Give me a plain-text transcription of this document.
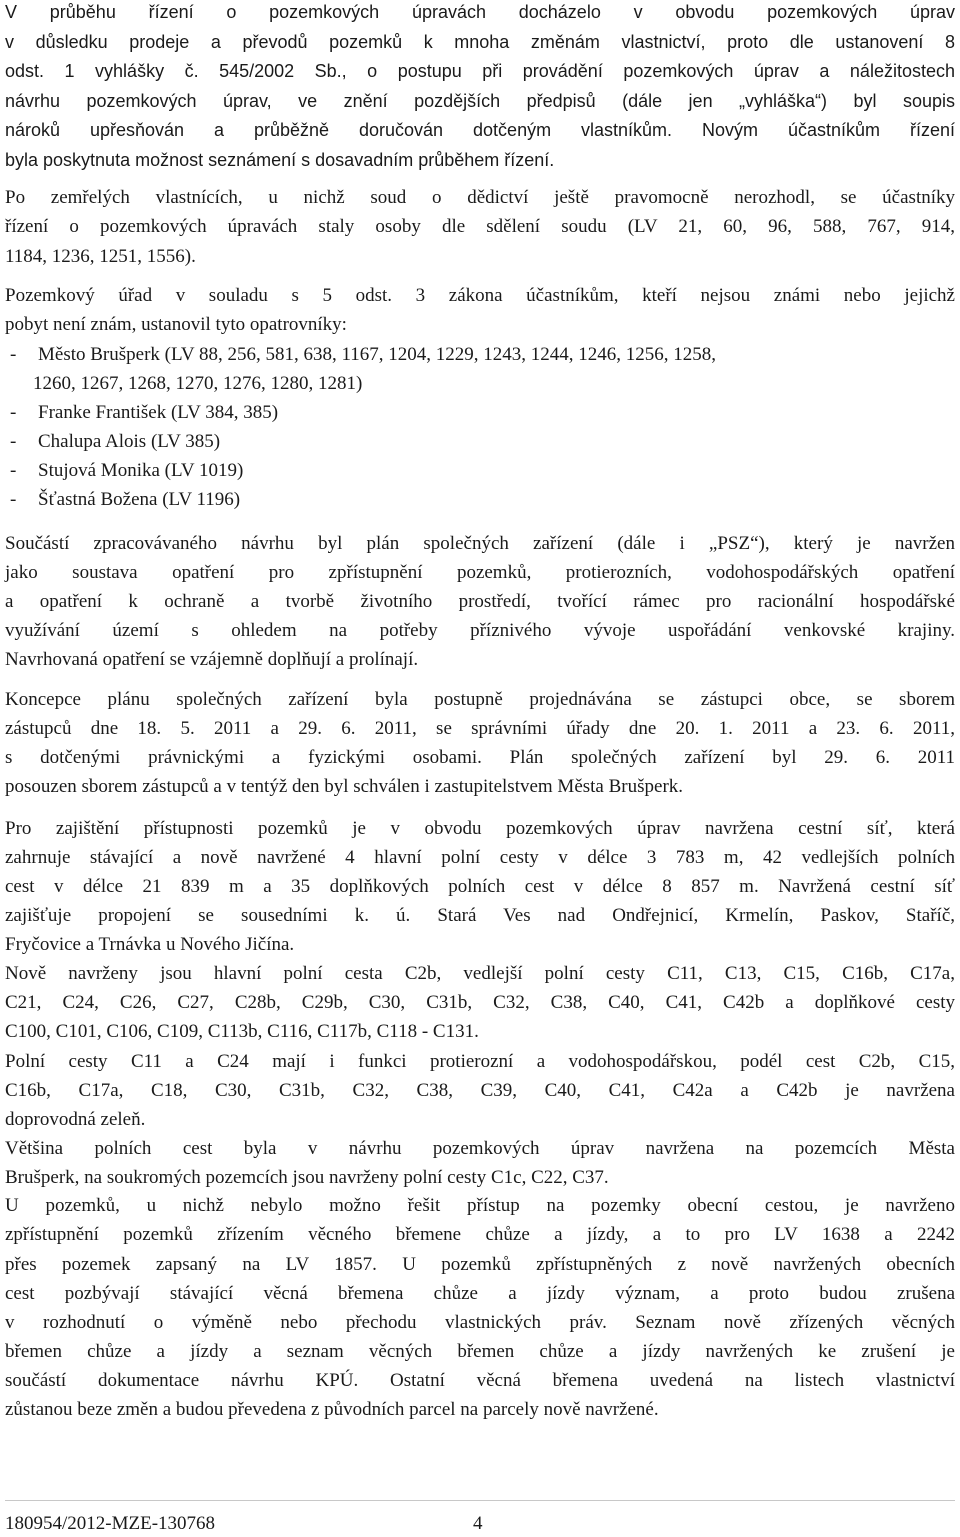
V průběhu řízení o pozemkových úpravách docházelo v obvodu pozemkových úprav
v důsledku prodeje a převodů pozemků k mnoha změnám vlastnictví, proto dle ustanovení 8
odst. 1 vyhlášky č. 545/2002 Sb., o postupu při provádění pozemkových úprav a náležitostech
návrhu pozemkových úprav, ve znění pozdějších předpisů (dále jen „vyhláška“) byl soupis
nároků upřesňován a průběžně doručován dotčeným vlastníkům. Novým účastníkům řízení
byla poskytnuta možnost seznámení s dosavadním průběhem řízení.
Po zemřelých vlastnících, u nichž soud o dědictví ještě pravomocně nerozhodl, se účastníky
řízení o pozemkových úpravách staly osoby dle sdělení soudu (LV 21, 60, 96, 588, 767, 914,
1184, 1236, 1251, 1556).
Pozemkový úřad v souladu s 5 odst. 3 zákona účastníkům, kteří nejsou známi nebo jejichž
pobyt není znám, ustanovil tyto opatrovníky:
-	Město Brušperk (LV 88, 256, 581, 638, 1167, 1204, 1229, 1243, 1244, 1246, 1256, 1258,
1260, 1267, 1268, 1270, 1276, 1280, 1281)
-	Franke František (LV 384, 385)
-	Chalupa Alois (LV 385)
-	Stujová Monika (LV 1019)
-	Šťastná Božena (LV 1196)
Součástí zpracovávaného návrhu byl plán společných zařízení (dále i „PSZ“), který je navržen
jako soustava opatření pro zpřístupnění pozemků, protierozních, vodohospodářských opatření
a opatření k ochraně a tvorbě životního prostředí, tvořící rámec pro racionální hospodářské
využívání území s ohledem na potřeby příznivého vývoje uspořádání venkovské krajiny.
Navrhovaná opatření se vzájemně doplňují a prolínají.
Koncepce plánu společných zařízení byla postupně projednávána se zástupci obce, se sborem
zástupců dne 18. 5. 2011 a 29. 6. 2011, se správními úřady dne 20. 1. 2011 a 23. 6. 2011,
s dotčenými právnickými a fyzickými osobami. Plán společných zařízení byl 29. 6. 2011
posouzen sborem zástupců a v tentýž den byl schválen i zastupitelstvem Města Brušperk.
Pro zajištění přístupnosti pozemků je v obvodu pozemkových úprav navržena cestní síť, která
zahrnuje stávající a nově navržené 4 hlavní polní cesty v délce 3 783 m, 42 vedlejších polních
cest v délce 21 839 m a 35 doplňkových polních cest v délce 8 857 m. Navržená cestní síť
zajišťuje propojení se sousedními k. ú. Stará Ves nad Ondřejnicí, Krmelín, Paskov, Staříč,
Fryčovice a Trnávka u Nového Jičína.
Nově navrženy jsou hlavní polní cesta C2b, vedlejší polní cesty C11, C13, C15, C16b, C17a,
C21, C24, C26, C27, C28b, C29b, C30, C31b, C32, C38, C40, C41, C42b a doplňkové cesty
C100, C101, C106, C109, C113b, C116, C117b, C118 - C131.
Polní cesty C11 a C24 mají i funkci protierozní a vodohospodářskou, podél cest C2b, C15,
C16b, C17a, C18, C30, C31b, C32, C38, C39, C40, C41, C42a a C42b je navržena
doprovodná zeleň.
Většina polních cest byla v návrhu pozemkových úprav navržena na pozemcích Města
Brušperk, na soukromých pozemcích jsou navrženy polní cesty C1c, C22, C37.
U pozemků, u nichž nebylo možno řešit přístup na pozemky obecní cestou, je navrženo
zpřístupnění pozemků zřízením věcného břemene chůze a jízdy, a to pro LV 1638 a 2242
přes pozemek zapsaný na LV 1857. U pozemků zpřístupněných z nově navržených obecních
cest pozbývají stávající věcná břemena chůze a jízdy význam, a proto budou zrušena
v rozhodnutí o výměně nebo přechodu vlastnických práv. Seznam nově zřízených věcných
břemen chůze a jízdy a seznam věcných břemen chůze a jízdy navržených ke zrušení je
součástí dokumentace návrhu KPÚ. Ostatní věcná břemena uvedená na listech vlastnictví
zůstanou beze změn a budou převedena z původních parcel na parcely nově navržené.
180954/2012-MZE-130768	4
